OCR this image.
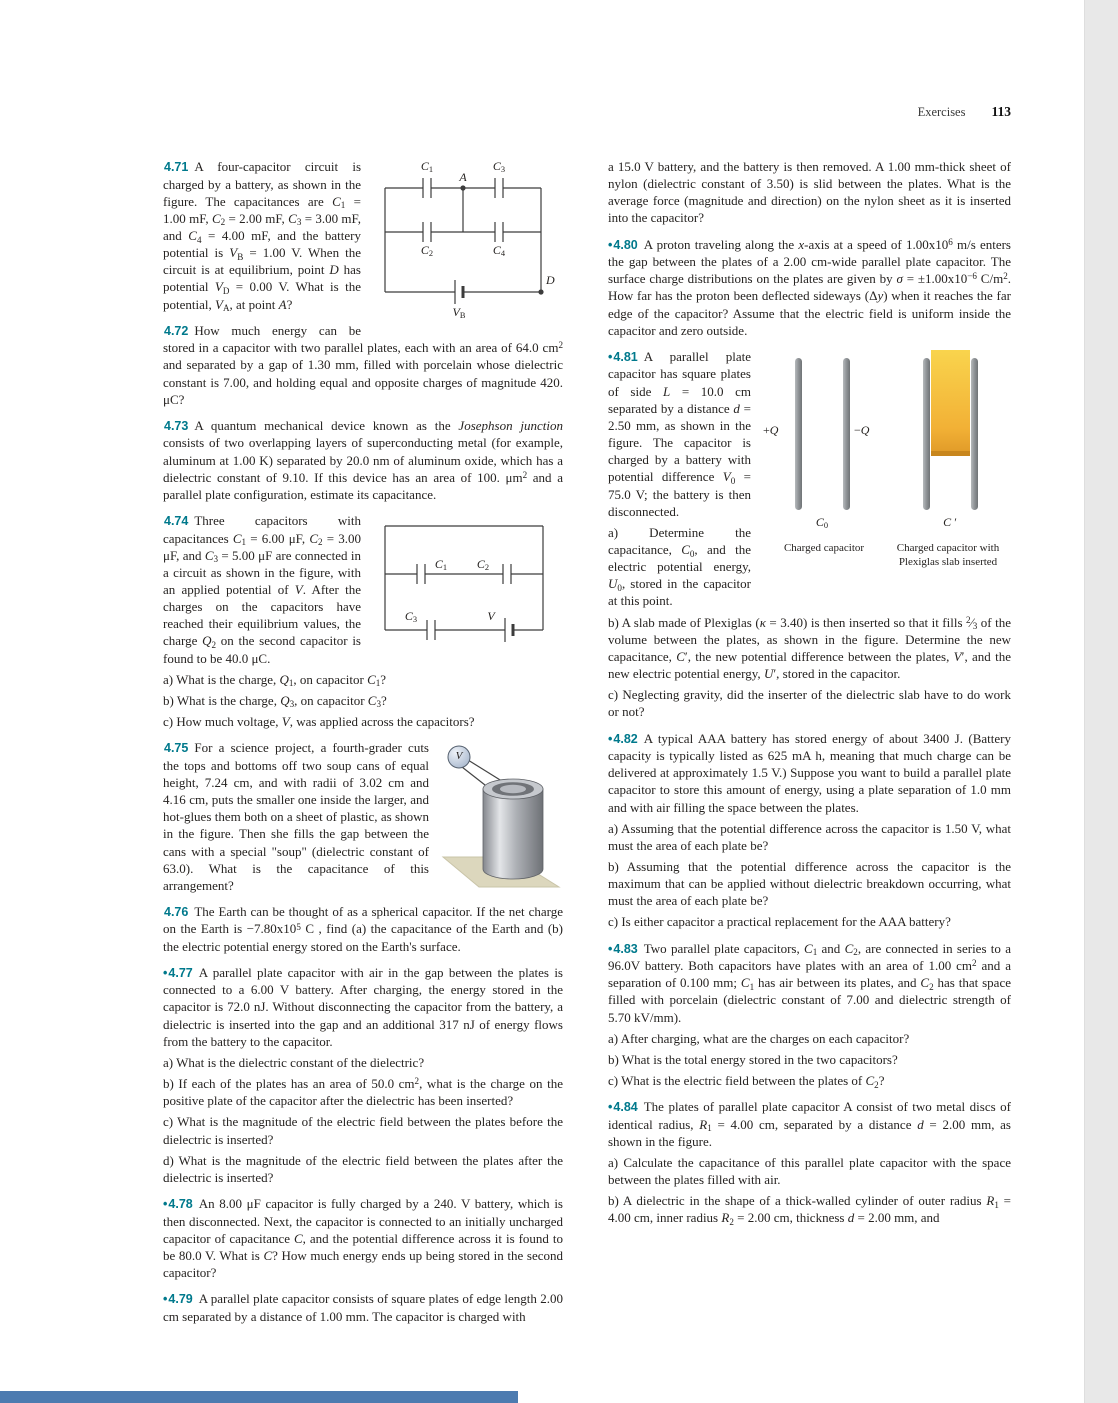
Exercises 113
$C_1$	$C_3$
A
$C_2$	$C_4$
$V_B$
D

4.71 A four-capacitor circuit is charged by a battery, as shown in the figure. The capacitances are $C_1 = 1.00$ mF, $C_2 = 2.00$ mF, $C_3 = 3.00$ mF, and $C_4 = 4.00$ mF, and the battery potential is $V_B = 1.00$ V. When the circuit is at equilibrium, point D has potential $V_D = 0.00$ V. What is the potential, $V_A$, at point A?

4.72 How much energy can be stored in a capacitor with two parallel plates, each with an area of 64.0 $cm^2$ and separated by a gap of 1.30 mm, filled with porcelain whose dielectric constant is 7.00, and holding equal and opposite charges of magnitude 420. μC?

4.73 A quantum mechanical device known as the Josephson junction consists of two overlapping layers of superconducting metal (for example, aluminum at 1.00 K) separated by 20.0 nm of aluminum oxide, which has a dielectric constant of 9.10. If this device has an area of 100. $\mu m^2$ and a parallel plate configuration, estimate its capacitance.

$C_1$ $C_2$
$C_3$	V

4.74 Three capacitors with capacitances $C_1 = 6.00$ μF, $C_2 = 3.00$ μF, and $C_3 = 5.00$ μF are connected in a circuit as shown in the figure, with an applied potential of V. After the charges on the capacitors have reached their equilibrium values, the charge $Q_2$ on the second capacitor is found to be 40.0 μC.

a) What is the charge, $Q_1$, on capacitor $C_1$?

b) What is the charge, $Q_3$, on capacitor $C_3$?

c) How much voltage, V, was applied across the capacitors?

V

4.75 For a science project, a fourth-grader cuts the tops and bottoms off two soup cans of equal height, 7.24 cm, and with radii of 3.02 cm and 4.16 cm, puts the smaller one inside the larger, and hot-glues them both on a sheet of plastic, as shown in the figure. Then she fills the gap between the cans with a special "soup" (dielectric constant of 63.0). What is the capacitance of this arrangement?

4.76 The Earth can be thought of as a spherical capacitor. If the net charge on the Earth is $-7.80x10^5$ C , find (a) the capacitance of the Earth and (b) the electric potential energy stored on the Earth's surface.

•4.77 A parallel plate capacitor with air in the gap between the plates is connected to a 6.00 V battery. After charging, the energy stored in the capacitor is 72.0 nJ. Without disconnecting the capacitor from the battery, a dielectric is inserted into the gap and an additional 317 nJ of energy flows from the battery to the capacitor.

a) What is the dielectric constant of the dielectric?

b) If each of the plates has an area of 50.0 $cm^2$, what is the charge on the positive plate of the capacitor after the dielectric has been inserted?

c) What is the magnitude of the electric field between the plates before the dielectric is inserted?

d) What is the magnitude of the electric field between the plates after the dielectric is inserted?

•4.78 An 8.00 μF capacitor is fully charged by a 240. V battery, which is then disconnected. Next, the capacitor is connected to an initially uncharged capacitor of capacitance C, and the potential difference across it is found to be 80.0 V. What is C? How much energy ends up being stored in the second capacitor?

•4.79 A parallel plate capacitor consists of square plates of edge length 2.00 cm separated by a distance of 1.00 mm. The capacitor is charged with

a 15.0 V battery, and the battery is then removed. A 1.00 mm-thick sheet of nylon (dielectric constant of 3.50) is slid between the plates. What is the average force (magnitude and direction) on the nylon sheet as it is inserted into the capacitor?

•4.80 A proton traveling along the x-axis at a speed of $1.00x10^6$ m/s enters the gap between the plates of a 2.00 cm-wide parallel plate capacitor. The surface charge distributions on the plates are given by $\sigma = \pm 1.00x10^{-6}$ $C/m^2$. How far has the proton been deflected sideways (Δy) when it reaches the far edge of the capacitor? Assume that the electric field is uniform inside the capacitor and zero outside.

+Q	−Q
$C_0$	C ′
Charged capacitor	Charged capacitor with Plexiglas slab inserted

•4.81 A parallel plate capacitor has square plates of side L = 10.0 cm separated by a distance d = 2.50 mm, as shown in the figure. The capacitor is charged by a battery with potential difference $V_0 = 75.0$ V; the battery is then disconnected.

a) Determine the capacitance, $C_0$, and the electric potential energy, $U_0$, stored in the capacitor at this point.

b) A slab made of Plexiglas (κ = 3.40) is then inserted so that it fills $^2⁄_3$ of the volume between the plates, as shown in the figure. Determine the new capacitance, C′, the new potential difference between the plates, V′, and the new electric potential energy, U′, stored in the capacitor.

c) Neglecting gravity, did the inserter of the dielectric slab have to do work or not?

•4.82 A typical AAA battery has stored energy of about 3400 J. (Battery capacity is typically listed as 625 mA h, meaning that much charge can be delivered at approximately 1.5 V.) Suppose you want to build a parallel plate capacitor to store this amount of energy, using a plate separation of 1.0 mm and with air filling the space between the plates.

a) Assuming that the potential difference across the capacitor is 1.50 V, what must the area of each plate be?

b) Assuming that the potential difference across the capacitor is the maximum that can be applied without dielectric breakdown occurring, what must the area of each plate be?

c) Is either capacitor a practical replacement for the AAA battery?

•4.83 Two parallel plate capacitors, $C_1$ and $C_2$, are connected in series to a 96.0V battery. Both capacitors have plates with an area of 1.00 $cm^2$ and a separation of 0.100 mm; $C_1$ has air between its plates, and $C_2$ has that space filled with porcelain (dielectric constant of 7.00 and dielectric strength of 5.70 kV/mm).

a) After charging, what are the charges on each capacitor?

b) What is the total energy stored in the two capacitors?

c) What is the electric field between the plates of $C_2$?

•4.84 The plates of parallel plate capacitor A consist of two metal discs of identical radius, $R_1 = 4.00$ cm, separated by a distance d = 2.00 mm, as shown in the figure.

a) Calculate the capacitance of this parallel plate capacitor with the space between the plates filled with air.

b) A dielectric in the shape of a thick-walled cylinder of outer radius $R_1 = 4.00$ cm, inner radius $R_2 = 2.00$ cm, thickness d = 2.00 mm, and
